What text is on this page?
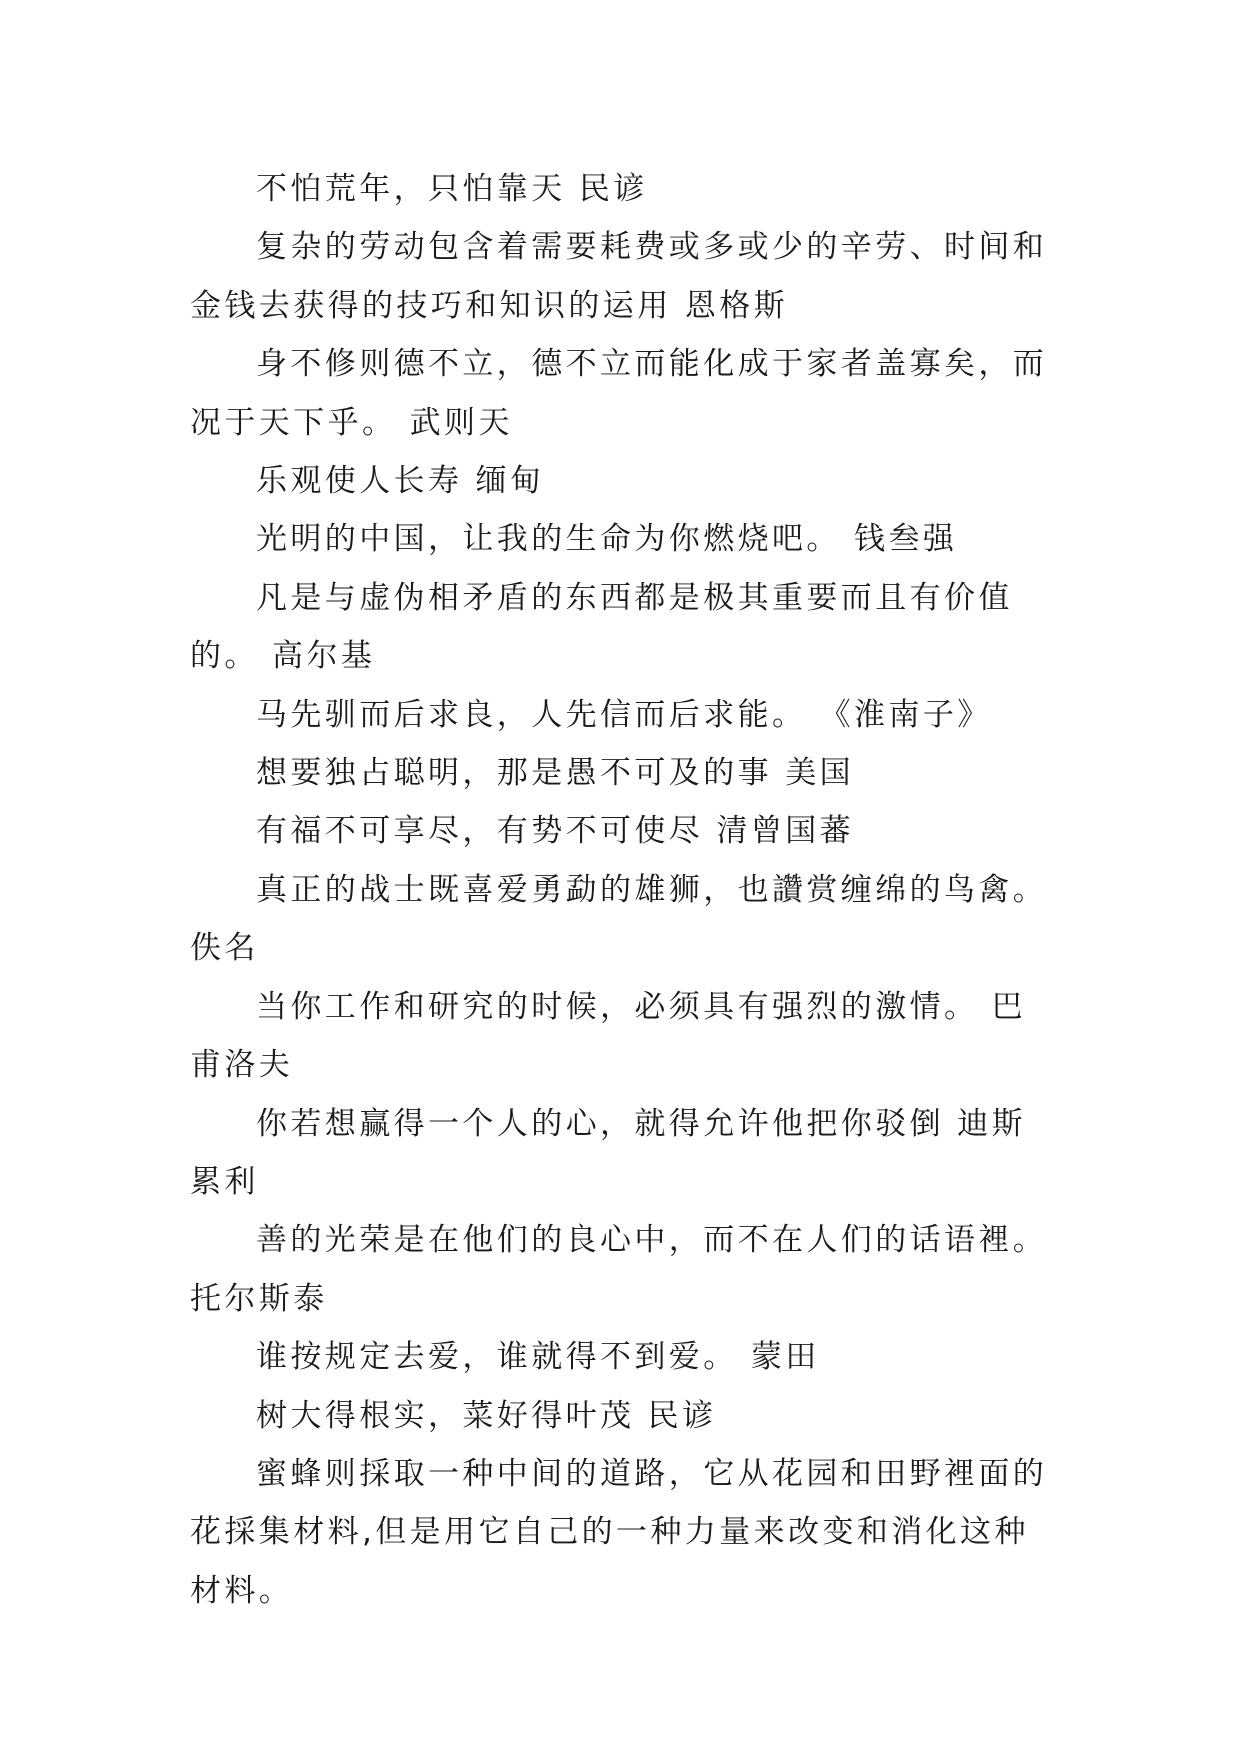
不怕荒年，只怕靠天 民谚

复杂的劳动包含着需要耗费或多或少的辛劳、时间和金钱去获得的技巧和知识的运用 恩格斯

身不修则德不立，德不立而能化成于家者盖寡矣，而况于天下乎。 武则天

乐观使人长寿 缅甸

光明的中国，让我的生命为你燃烧吧。 钱叁强

凡是与虚伪相矛盾的东西都是极其重要而且有价值的。 高尔基

马先驯而后求良，人先信而后求能。 《淮南子》

想要独占聪明，那是愚不可及的事 美国

有福不可享尽，有势不可使尽 清曾国蕃

真正的战士既喜爱勇勐的雄狮，也讚赏缠绵的鸟禽。 佚名

当你工作和研究的时候，必须具有强烈的激情。 巴甫洛夫

你若想赢得一个人的心，就得允许他把你驳倒 迪斯累利

善的光荣是在他们的良心中，而不在人们的话语裡。 托尔斯泰

谁按规定去爱，谁就得不到爱。 蒙田

树大得根实，菜好得叶茂 民谚

蜜蜂则採取一种中间的道路，它从花园和田野裡面的花採集材料,但是用它自己的一种力量来改变和消化这种材料。
